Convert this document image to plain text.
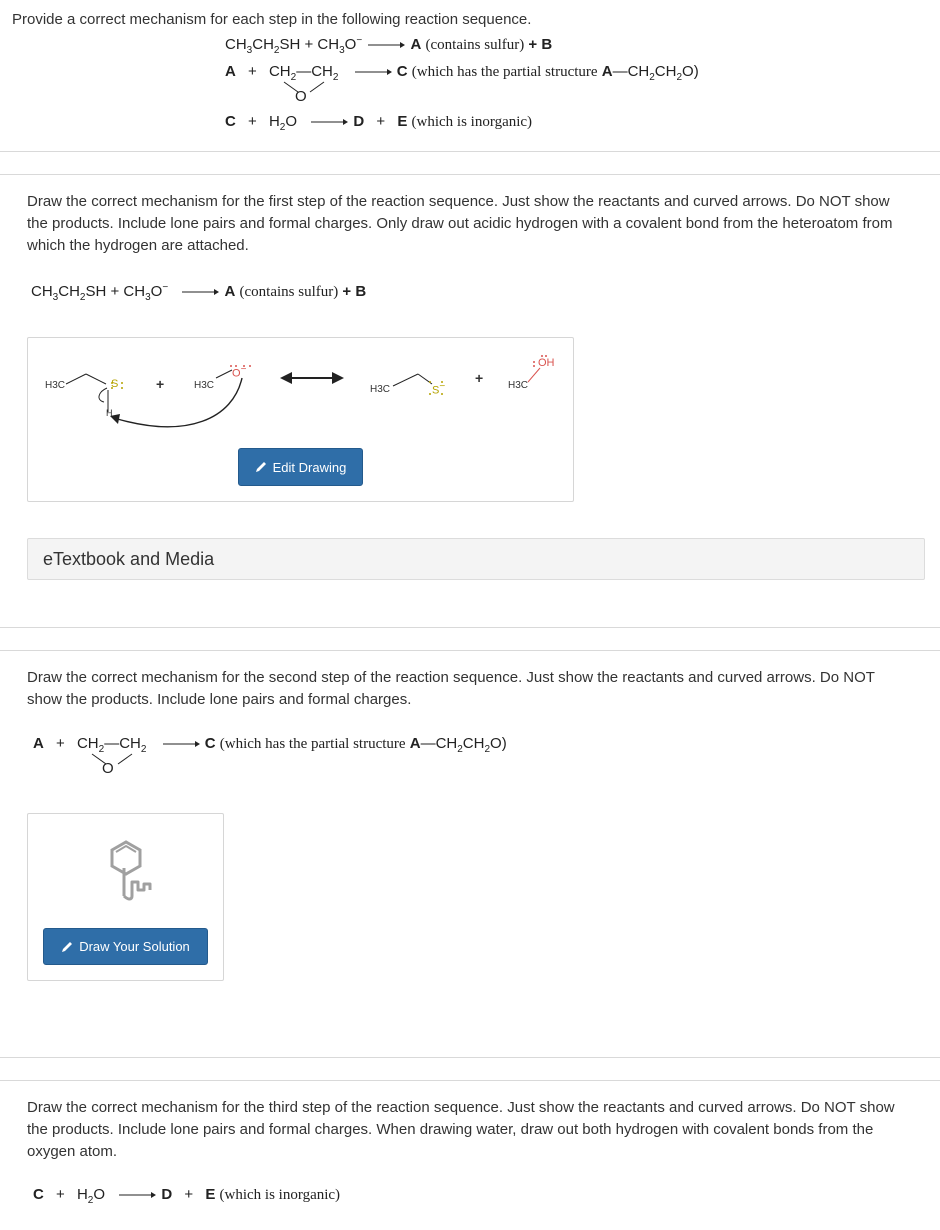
Provide a correct mechanism for each step in the following reaction sequence.
$CH_3CH_2SH + CH_3O^- \to A$ (contains sulfur) + B
$A + CH_2—CH_2 \to C$ (which has the partial structure $A—CH_2CH_2O$)
O
$C + H_2O \to D + E$ (which is inorganic)
Draw the correct mechanism for the first step of the reaction sequence. Just show the reactants and curved arrows. Do NOT show the products. Include lone pairs and formal charges. Only draw out acidic hydrogen with a covalent bond from the heteroatom from which the hydrogen are attached.
$CH_3CH_2SH + CH_3O^- \to A$ (contains sulfur) + B
H3C	S
H
+	H3C
O−
H3C	S−
+ H3C
OH
Edit Drawing
eTextbook and Media
Draw the correct mechanism for the second step of the reaction sequence. Just show the reactants and curved arrows. Do NOT show the products. Include lone pairs and formal charges.
$A + CH_2—CH_2 \to C$ (which has the partial structure $A—CH_2CH_2O$)
O
Draw Your Solution
Draw the correct mechanism for the third step of the reaction sequence. Just show the reactants and curved arrows. Do NOT show the products. Include lone pairs and formal charges. When drawing water, draw out both hydrogen with covalent bonds from the oxygen atom.
$C + H_2O \to D + E$ (which is inorganic)
